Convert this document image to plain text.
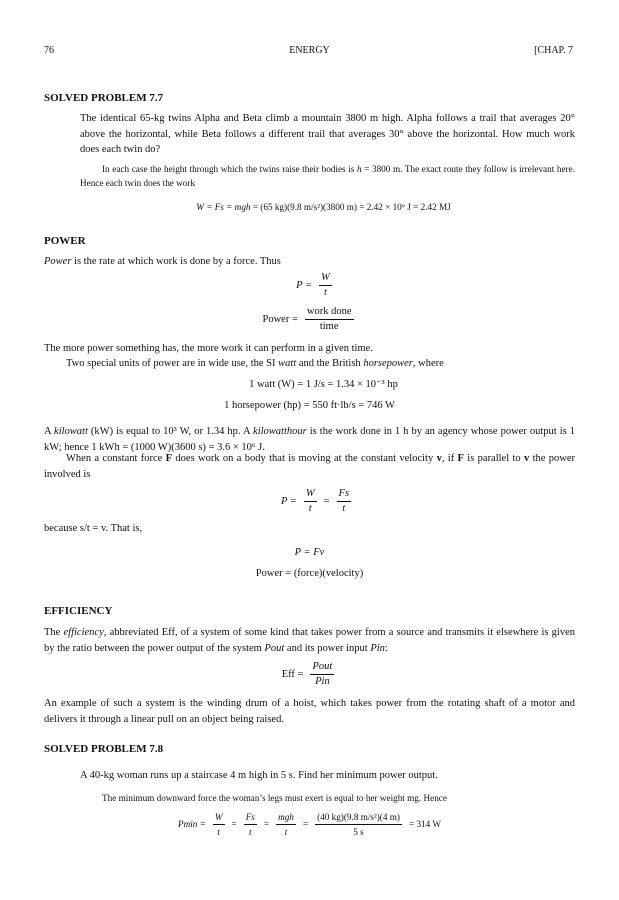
76	ENERGY	[CHAP. 7
SOLVED PROBLEM 7.7

The identical 65-kg twins Alpha and Beta climb a mountain 3800 m high. Alpha follows a trail that averages 20° above the horizontal, while Beta follows a different trail that averages 30° above the horizontal. How much work does each twin do?

In each case the height through which the twins raise their bodies is h = 3800 m. The exact route they follow is irrelevant here. Hence each twin does the work

W = Fs = mgh = (65 kg)(9.8 m/s²)(3800 m) = 2.42 × 10⁶ J = 2.42 MJ
POWER

Power is the rate at which work is done by a force. Thus

$P = \frac{W}{t}$
Power = $\frac{\text{work done}}{\text{time}}$

The more power something has, the more work it can perform in a given time.

Two special units of power are in wide use, the SI watt and the British horsepower, where

1 watt (W) = 1 J/s = 1.34 × 10⁻³ hp
1 horsepower (hp) = 550 ft·lb/s = 746 W

A kilowatt (kW) is equal to 10³ W, or 1.34 hp. A kilowatthour is the work done in 1 h by an agency whose power output is 1 kW; hence 1 kWh = (1000 W)(3600 s) = 3.6 × 10⁶ J.

When a constant force F does work on a body that is moving at the constant velocity v, if F is parallel to v the power involved is

$P = \frac{W}{t} = \frac{Fs}{t}$

because s/t = v. That is,

P = Fv
Power = (force)(velocity)
EFFICIENCY

The efficiency, abbreviated Eff, of a system of some kind that takes power from a source and transmits it elsewhere is given by the ratio between the power output of the system Pout and its power input Pin:

Eff = $\frac{\text{Pout}}{\text{Pin}}$

An example of such a system is the winding drum of a hoist, which takes power from the rotating shaft of a motor and delivers it through a linear pull on an object being raised.

SOLVED PROBLEM 7.8

A 40-kg woman runs up a staircase 4 m high in 5 s. Find her minimum power output.

The minimum downward force the woman’s legs must exert is equal to her weight mg. Hence

$Pmin = \frac{W}{t} = \frac{Fs}{t} = \frac{\text{mgh}}{t} = \frac{\text{(40 kg)(9.8 m/s²)(4 m)}}{5 s} = 314$ W
